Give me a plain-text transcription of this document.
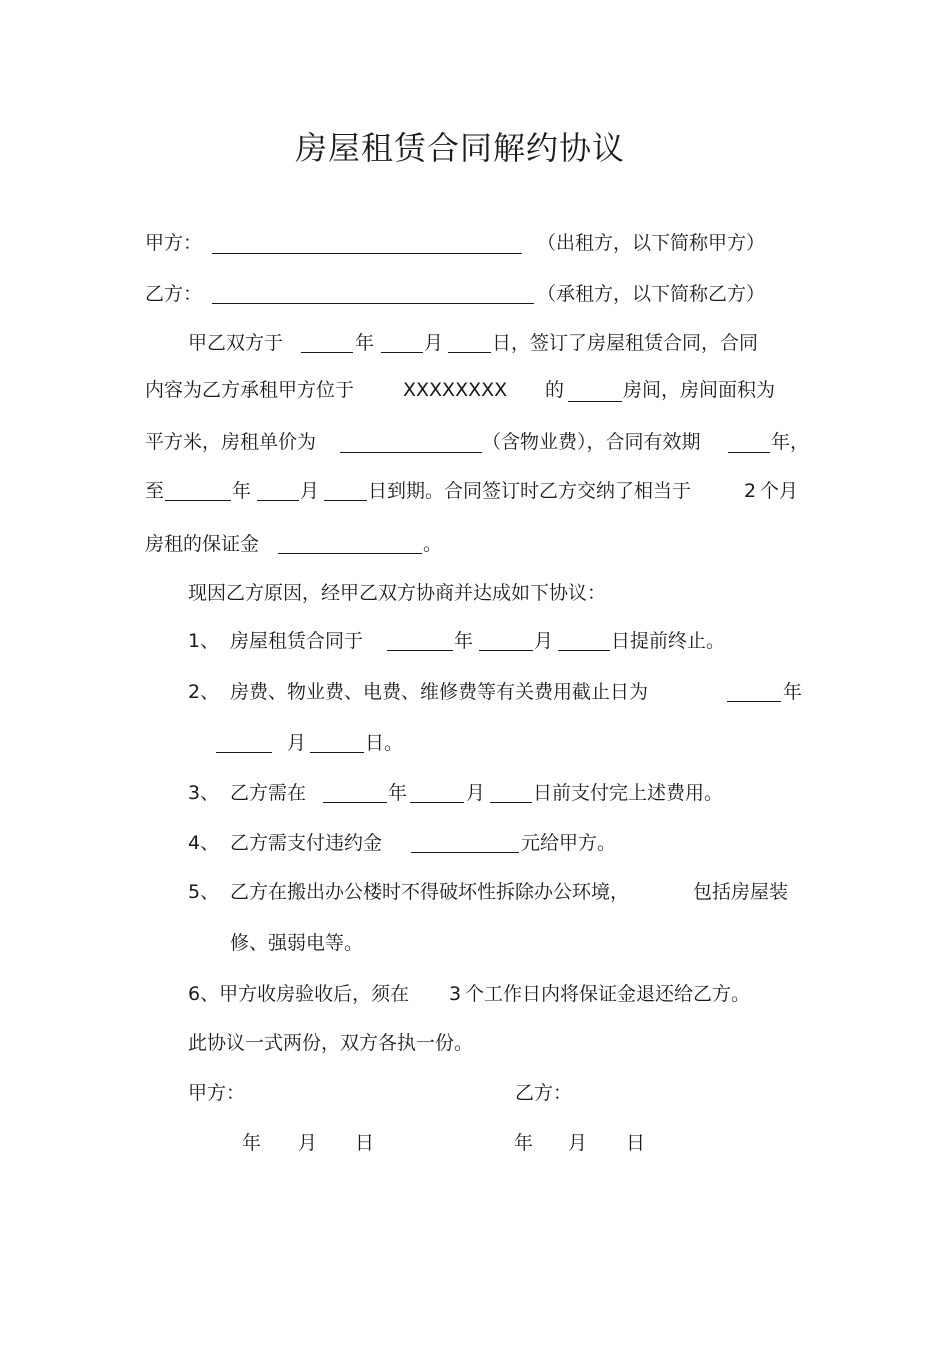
房屋租赁合同解约协议
甲方：	（出租方，以下简称甲方）
乙方：	（承租方，以下简称乙方）
甲乙双方于	年	月	日，签订了房屋租赁合同，合同
内容为乙方承租甲方位于	XXXXXXXX 的	房间，房间面积为
平方米，房租单价为	（含物业费），合同有效期	年，
至	年	月	日到期。合同签订时乙方交纳了相当于	2 个月
房租的保证金	。
现因乙方原因，经甲乙双方协商并达成如下协议：
1、 房屋租赁合同于	年	月	日提前终止。
2、 房费、物业费、电费、维修费等有关费用截止日为	年
月	日。
3、 乙方需在	年	月	日前支付完上述费用。
4、 乙方需支付违约金	元给甲方。
5、 乙方在搬出办公楼时不得破坏性拆除办公环境，	包括房屋装
修、强弱电等。
6、甲方收房验收后，须在 3 个工作日内将保证金退还给乙方。
此协议一式两份，双方各执一份。
甲方：	乙方：
年 月 日	年 月 日
